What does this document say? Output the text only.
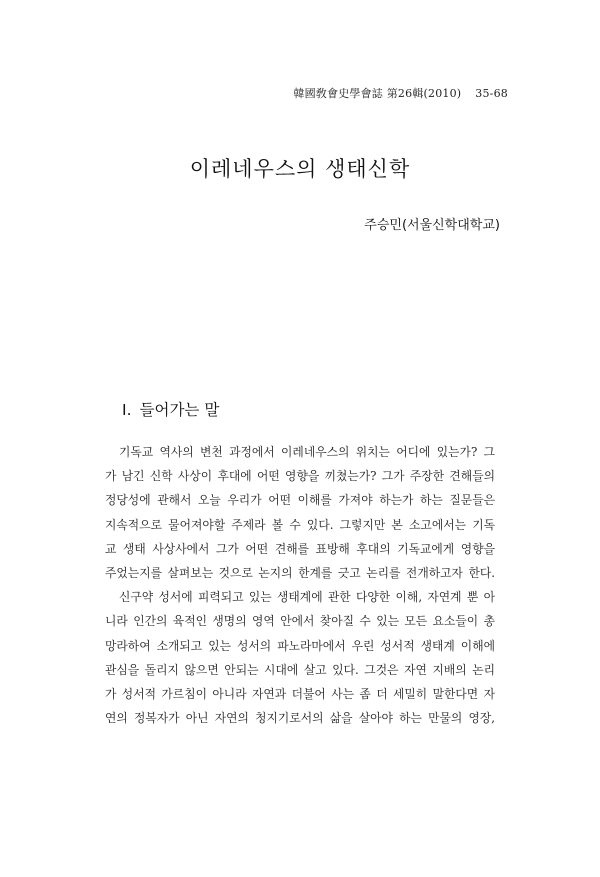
韓國敎會史學會誌 第26輯(2010) 35-68
이레네우스의 생태신학
주승민(서울신학대학교)
Ⅰ. 들어가는 말
기독교 역사의 변천 과정에서 이레네우스의 위치는 어디에 있는가? 그
가 남긴 신학 사상이 후대에 어떤 영향을 끼쳤는가? 그가 주장한 견해들의
정당성에 관해서 오늘 우리가 어떤 이해를 가져야 하는가 하는 질문들은
지속적으로 물어져야할 주제라 볼 수 있다. 그렇지만 본 소고에서는 기독
교 생태 사상사에서 그가 어떤 견해를 표방해 후대의 기독교에게 영향을
주었는지를 살펴보는 것으로 논지의 한계를 긋고 논리를 전개하고자 한다.
신구약 성서에 피력되고 있는 생태계에 관한 다양한 이해, 자연계 뿐 아
니라 인간의 육적인 생명의 영역 안에서 찾아질 수 있는 모든 요소들이 총
망라하여 소개되고 있는 성서의 파노라마에서 우린 성서적 생태계 이해에
관심을 돌리지 않으면 안되는 시대에 살고 있다. 그것은 자연 지배의 논리
가 성서적 가르침이 아니라 자연과 더불어 사는 좀 더 세밀히 말한다면 자
연의 정복자가 아닌 자연의 청지기로서의 삶을 살아야 하는 만물의 영장,
